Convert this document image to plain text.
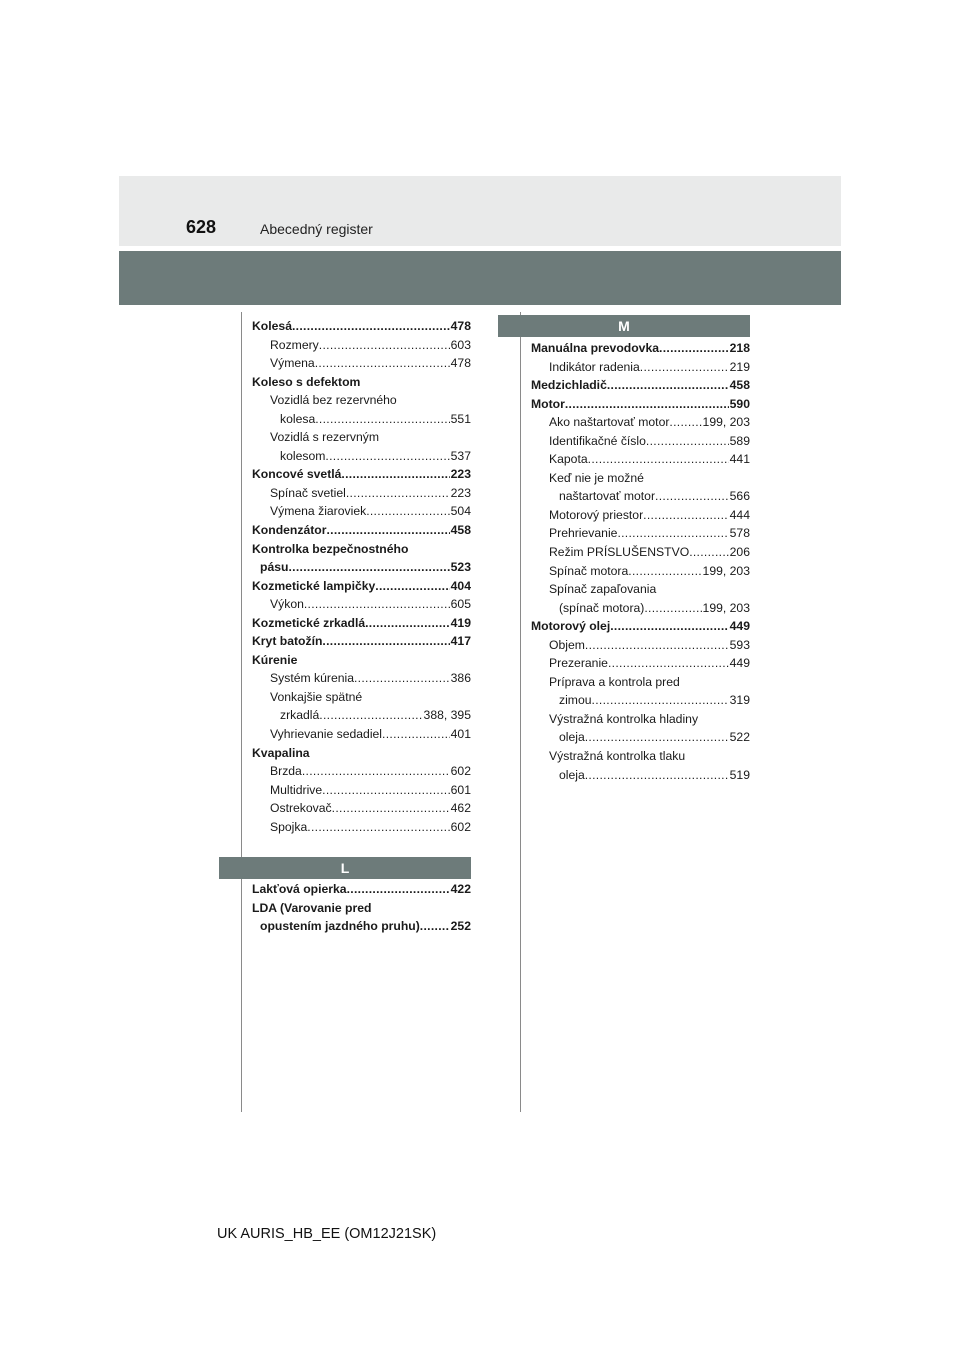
628	Abecedný register
Kolesá .....	478
Rozmery .....	603
Výmena .....	478
Koleso s defektom
Vozidlá bez rezervného
kolesa .....	551
Vozidlá s rezervným
kolesom .....	537
Koncové svetlá .....	223
Spínač svetiel .....	223
Výmena žiaroviek .....	504
Kondenzátor .....	458
Kontrolka bezpečnostného
pásu .....	523
Kozmetické lampičky .....	404
Výkon .....	605
Kozmetické zrkadlá .....	419
Kryt batožín .....	417
Kúrenie
Systém kúrenia .....	386
Vonkajšie spätné
zrkadlá .....	388, 395
Vyhrievanie sedadiel .....	401
Kvapalina
Brzda .....	602
Multidrive .....	601
Ostrekovač .....	462
Spojka .....	602
L
Lakťová opierka .....	422
LDA (Varovanie pred
opustením jazdného pruhu) .....	252
M
Manuálna prevodovka .....	218
Indikátor radenia .....	219
Medzichladič .....	458
Motor .....	590
Ako naštartovať motor .....	199, 203
Identifikačné číslo .....	589
Kapota .....	441
Keď nie je možné
naštartovať motor .....	566
Motorový priestor .....	444
Prehrievanie .....	578
Režim PRÍSLUŠENSTVO .....	206
Spínač motora .....	199, 203
Spínač zapaľovania
(spínač motora) .....	199, 203
Motorový olej .....	449
Objem .....	593
Prezeranie .....	449
Príprava a kontrola pred
zimou .....	319
Výstražná kontrolka hladiny
oleja .....	522
Výstražná kontrolka tlaku
oleja .....	519
UK AURIS_HB_EE (OM12J21SK)
